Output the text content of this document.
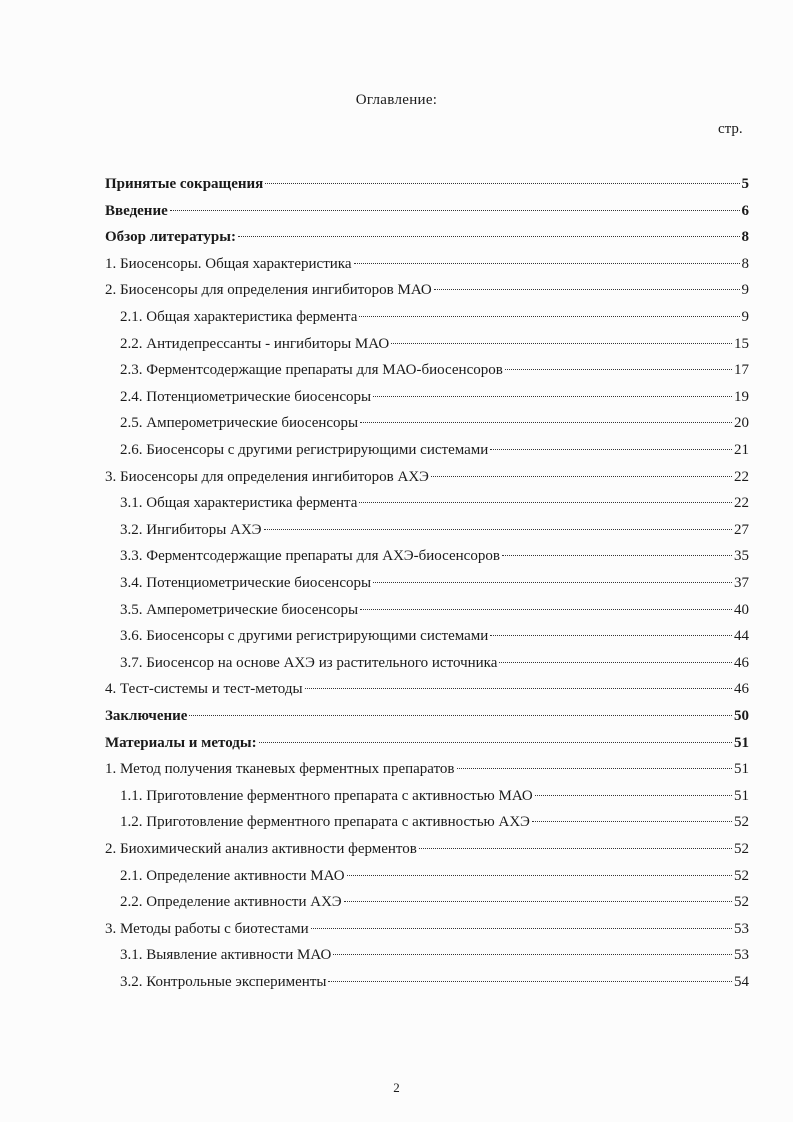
Оглавление:
стр.
Принятые сокращения	5
Введение	6
Обзор литературы:	8
1. Биосенсоры. Общая характеристика	8
2. Биосенсоры для определения ингибиторов МАО	9
2.1. Общая характеристика фермента	9
2.2. Антидепрессанты - ингибиторы МАО	15
2.3. Ферментсодержащие препараты для МАО-биосенсоров	17
2.4. Потенциометрические биосенсоры	19
2.5. Амперометрические биосенсоры	20
2.6. Биосенсоры с другими регистрирующими системами	21
3. Биосенсоры для определения ингибиторов АХЭ	22
3.1. Общая характеристика фермента	22
3.2. Ингибиторы АХЭ	27
3.3. Ферментсодержащие препараты для АХЭ-биосенсоров	35
3.4. Потенциометрические биосенсоры	37
3.5. Амперометрические биосенсоры	40
3.6. Биосенсоры с другими регистрирующими системами	44
3.7. Биосенсор на основе АХЭ из растительного источника	46
4. Тест-системы и тест-методы	46
Заключение	50
Материалы и методы:	51
1. Метод получения тканевых ферментных препаратов	51
1.1. Приготовление ферментного препарата с активностью МАО	51
1.2. Приготовление ферментного препарата с активностью АХЭ	52
2. Биохимический анализ активности ферментов	52
2.1. Определение активности МАО	52
2.2. Определение активности АХЭ	52
3. Методы работы с биотестами	53
3.1. Выявление активности МАО	53
3.2. Контрольные эксперименты	54
2
